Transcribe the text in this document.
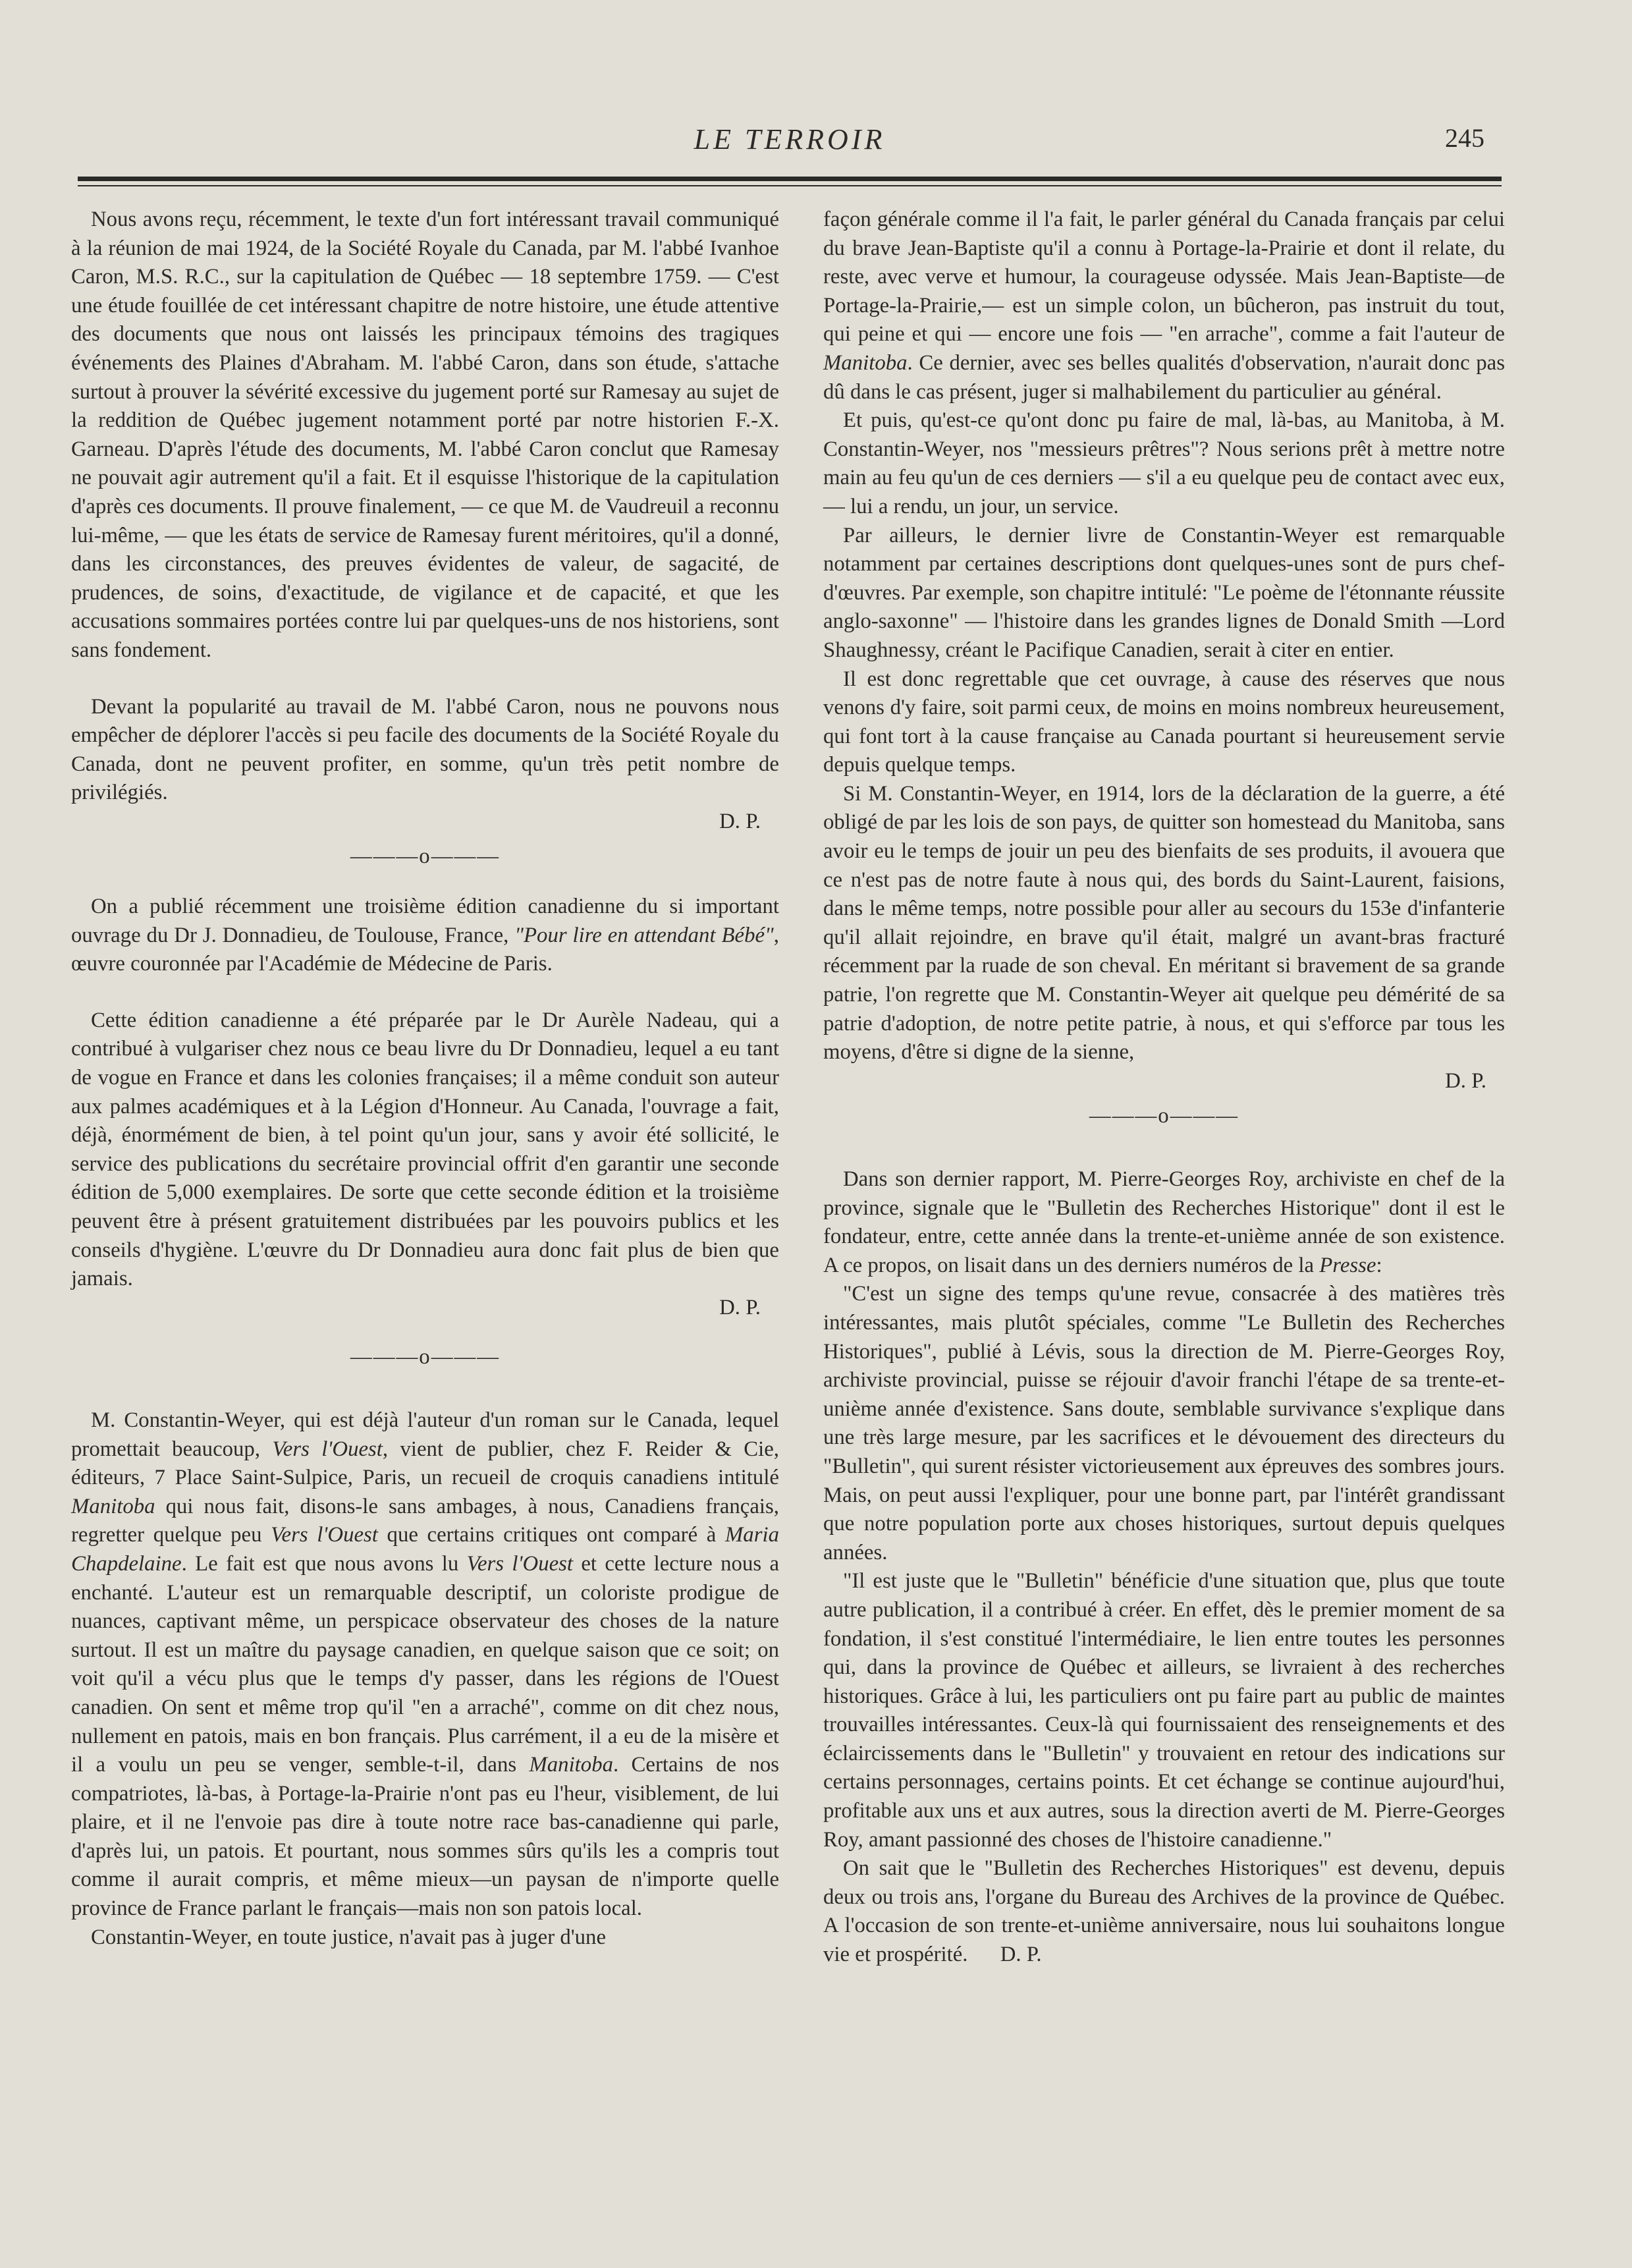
LE TERROIR	245

Nous avons reçu, récemment, le texte d'un fort intéressant travail communiqué à la réunion de mai 1924, de la Société Royale du Canada, par M. l'abbé Ivanhoe Caron, M.S. R.C., sur la capitulation de Québec — 18 septembre 1759. — C'est une étude fouillée de cet intéressant chapitre de notre histoire, une étude attentive des documents que nous ont laissés les principaux témoins des tragiques événements des Plaines d'Abraham. M. l'abbé Caron, dans son étude, s'attache surtout à prouver la sévérité excessive du jugement porté sur Ramesay au sujet de la reddition de Québec jugement notamment porté par notre historien F.-X. Garneau. D'après l'étude des documents, M. l'abbé Caron conclut que Ramesay ne pouvait agir autrement qu'il a fait. Et il esquisse l'historique de la capitulation d'après ces documents. Il prouve finalement, — ce que M. de Vaudreuil a reconnu lui-même, — que les états de service de Ramesay furent méritoires, qu'il a donné, dans les circonstances, des preuves évidentes de valeur, de sagacité, de prudences, de soins, d'exactitude, de vigilance et de capacité, et que les accusations sommaires portées contre lui par quelques-uns de nos historiens, sont sans fondement.

Devant la popularité au travail de M. l'abbé Caron, nous ne pouvons nous empêcher de déplorer l'accès si peu facile des documents de la Société Royale du Canada, dont ne peuvent profiter, en somme, qu'un très petit nombre de privilégiés.

D. P.
———o———

On a publié récemment une troisième édition canadienne du si important ouvrage du Dr J. Donnadieu, de Toulouse, France, "Pour lire en attendant Bébé", œuvre couronnée par l'Académie de Médecine de Paris.

Cette édition canadienne a été préparée par le Dr Aurèle Nadeau, qui a contribué à vulgariser chez nous ce beau livre du Dr Donnadieu, lequel a eu tant de vogue en France et dans les colonies françaises; il a même conduit son auteur aux palmes académiques et à la Légion d'Honneur. Au Canada, l'ouvrage a fait, déjà, énormément de bien, à tel point qu'un jour, sans y avoir été sollicité, le service des publications du secrétaire provincial offrit d'en garantir une seconde édition de 5,000 exemplaires. De sorte que cette seconde édition et la troisième peuvent être à présent gratuitement distribuées par les pouvoirs publics et les conseils d'hygiène. L'œuvre du Dr Donnadieu aura donc fait plus de bien que jamais.

D. P.
———o———

M. Constantin-Weyer, qui est déjà l'auteur d'un roman sur le Canada, lequel promettait beaucoup, Vers l'Ouest, vient de publier, chez F. Reider & Cie, éditeurs, 7 Place Saint-Sulpice, Paris, un recueil de croquis canadiens intitulé Manitoba qui nous fait, disons-le sans ambages, à nous, Canadiens français, regretter quelque peu Vers l'Ouest que certains critiques ont comparé à Maria Chapdelaine. Le fait est que nous avons lu Vers l'Ouest et cette lecture nous a enchanté. L'auteur est un remarquable descriptif, un coloriste prodigue de nuances, captivant même, un perspicace observateur des choses de la nature surtout. Il est un maître du paysage canadien, en quelque saison que ce soit; on voit qu'il a vécu plus que le temps d'y passer, dans les régions de l'Ouest canadien. On sent et même trop qu'il "en a arraché", comme on dit chez nous, nullement en patois, mais en bon français. Plus carrément, il a eu de la misère et il a voulu un peu se venger, semble-t-il, dans Manitoba. Certains de nos compatriotes, là-bas, à Portage-la-Prairie n'ont pas eu l'heur, visiblement, de lui plaire, et il ne l'envoie pas dire à toute notre race bas-canadienne qui parle, d'après lui, un patois. Et pourtant, nous sommes sûrs qu'ils les a compris tout comme il aurait compris, et même mieux—un paysan de n'importe quelle province de France parlant le français—mais non son patois local.

Constantin-Weyer, en toute justice, n'avait pas à juger d'une

façon générale comme il l'a fait, le parler général du Canada français par celui du brave Jean-Baptiste qu'il a connu à Portage-la-Prairie et dont il relate, du reste, avec verve et humour, la courageuse odyssée. Mais Jean-Baptiste—de Portage-la-Prairie,— est un simple colon, un bûcheron, pas instruit du tout, qui peine et qui — encore une fois — "en arrache", comme a fait l'auteur de Manitoba. Ce dernier, avec ses belles qualités d'observation, n'aurait donc pas dû dans le cas présent, juger si malhabilement du particulier au général.

Et puis, qu'est-ce qu'ont donc pu faire de mal, là-bas, au Manitoba, à M. Constantin-Weyer, nos "messieurs prêtres"? Nous serions prêt à mettre notre main au feu qu'un de ces derniers — s'il a eu quelque peu de contact avec eux, — lui a rendu, un jour, un service.

Par ailleurs, le dernier livre de Constantin-Weyer est remarquable notamment par certaines descriptions dont quelques-unes sont de purs chef-d'œuvres. Par exemple, son chapitre intitulé: "Le poème de l'étonnante réussite anglo-saxonne" — l'histoire dans les grandes lignes de Donald Smith —Lord Shaughnessy, créant le Pacifique Canadien, serait à citer en entier.

Il est donc regrettable que cet ouvrage, à cause des réserves que nous venons d'y faire, soit parmi ceux, de moins en moins nombreux heureusement, qui font tort à la cause française au Canada pourtant si heureusement servie depuis quelque temps.

Si M. Constantin-Weyer, en 1914, lors de la déclaration de la guerre, a été obligé de par les lois de son pays, de quitter son homestead du Manitoba, sans avoir eu le temps de jouir un peu des bienfaits de ses produits, il avouera que ce n'est pas de notre faute à nous qui, des bords du Saint-Laurent, faisions, dans le même temps, notre possible pour aller au secours du 153e d'infanterie qu'il allait rejoindre, en brave qu'il était, malgré un avant-bras fracturé récemment par la ruade de son cheval. En méritant si bravement de sa grande patrie, l'on regrette que M. Constantin-Weyer ait quelque peu démérité de sa patrie d'adoption, de notre petite patrie, à nous, et qui s'efforce par tous les moyens, d'être si digne de la sienne,

D. P.
———o———

Dans son dernier rapport, M. Pierre-Georges Roy, archiviste en chef de la province, signale que le "Bulletin des Recherches Historique" dont il est le fondateur, entre, cette année dans la trente-et-unième année de son existence. A ce propos, on lisait dans un des derniers numéros de la Presse:

"C'est un signe des temps qu'une revue, consacrée à des matières très intéressantes, mais plutôt spéciales, comme "Le Bulletin des Recherches Historiques", publié à Lévis, sous la direction de M. Pierre-Georges Roy, archiviste provincial, puisse se réjouir d'avoir franchi l'étape de sa trente-et-unième année d'existence. Sans doute, semblable survivance s'explique dans une très large mesure, par les sacrifices et le dévouement des directeurs du "Bulletin", qui surent résister victorieusement aux épreuves des sombres jours. Mais, on peut aussi l'expliquer, pour une bonne part, par l'intérêt grandissant que notre population porte aux choses historiques, surtout depuis quelques années.

"Il est juste que le "Bulletin" bénéficie d'une situation que, plus que toute autre publication, il a contribué à créer. En effet, dès le premier moment de sa fondation, il s'est constitué l'intermédiaire, le lien entre toutes les personnes qui, dans la province de Québec et ailleurs, se livraient à des recherches historiques. Grâce à lui, les particuliers ont pu faire part au public de maintes trouvailles intéressantes. Ceux-là qui fournissaient des renseignements et des éclaircissements dans le "Bulletin" y trouvaient en retour des indications sur certains personnages, certains points. Et cet échange se continue aujourd'hui, profitable aux uns et aux autres, sous la direction averti de M. Pierre-Georges Roy, amant passionné des choses de l'histoire canadienne."

On sait que le "Bulletin des Recherches Historiques" est devenu, depuis deux ou trois ans, l'organe du Bureau des Archives de la province de Québec. A l'occasion de son trente-et-unième anniversaire, nous lui souhaitons longue vie et prospérité. D. P.
